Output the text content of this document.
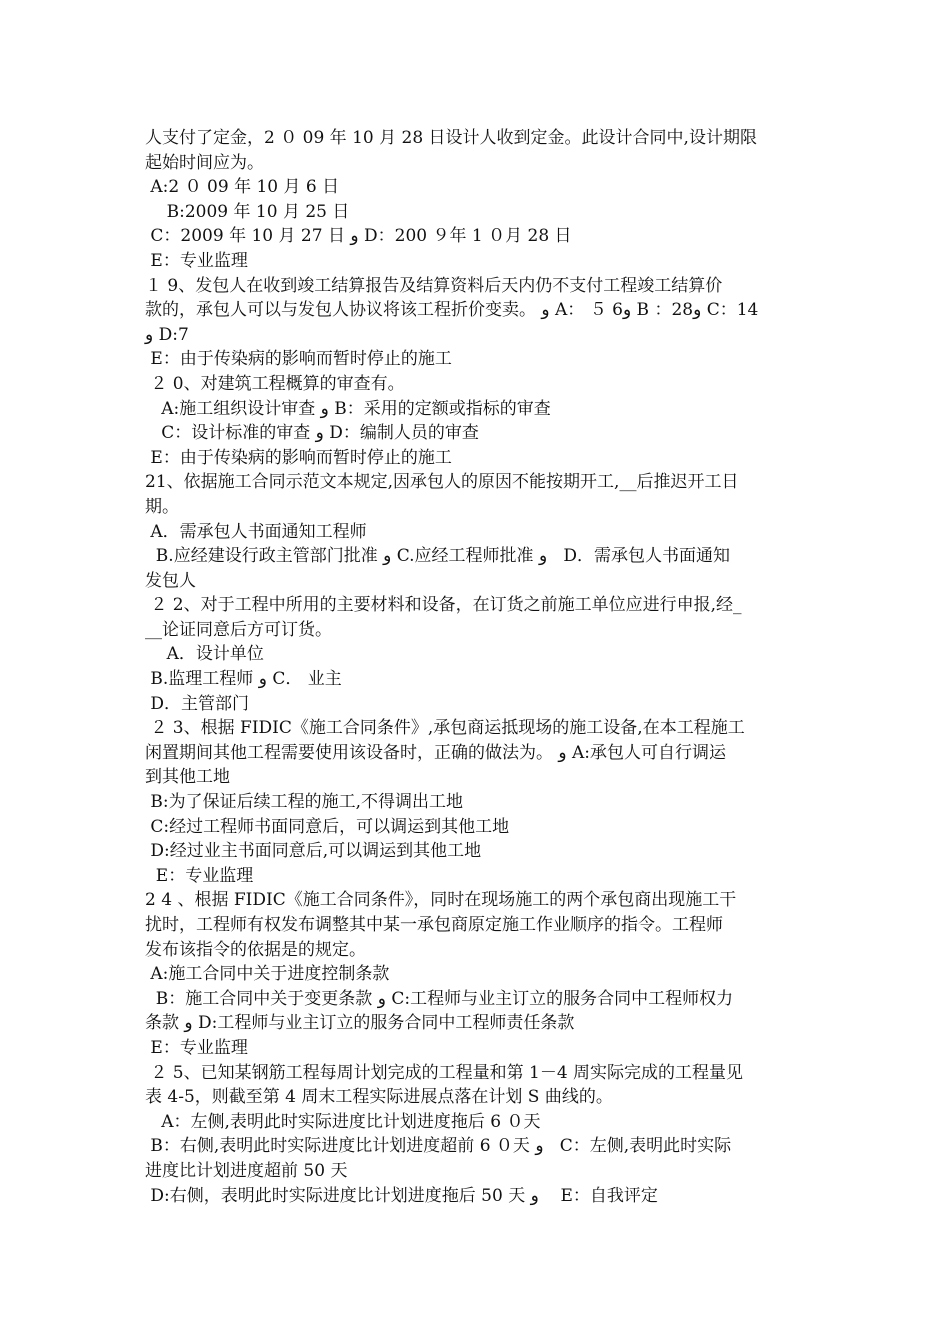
人支付了定金，2 ０ 09 年 10 月 28 日设计人收到定金。此设计合同中,设计期限
起始时间应为。
A:2 ０ 09 年 10 月 6 日
B:2009 年 10 月 25 日
C：2009 年 10 月 27 日 و D：200 ９年 1 ０月 28 日
E：专业监理
１ 9、发包人在收到竣工结算报告及结算资料后天内仍不支付工程竣工结算价
款的，承包人可以与发包人协议将该工程折价变卖。 و A： ５ 6و B ：28و C：14
و D:7
E：由于传染病的影响而暂时停止的施工
２ 0、对建筑工程概算的审查有。
A:施工组织设计审查 و B：采用的定额或指标的审查
C：设计标准的审查 و D：编制人员的审查
E：由于传染病的影响而暂时停止的施工
21、依据施工合同示范文本规定,因承包人的原因不能按期开工,__后推迟开工日
期。
A．需承包人书面通知工程师
B.应经建设行政主管部门批准 و C.应经工程师批准 و   D．需承包人书面通知
发包人
２ 2、对于工程中所用的主要材料和设备，在订货之前施工单位应进行申报,经_
__论证同意后方可订货。
A．设计单位
B.监理工程师 و C． 业主
D．主管部门
２ 3、根据 FIDIC《施工合同条件》,承包商运抵现场的施工设备,在本工程施工
闲置期间其他工程需要使用该设备时，正确的做法为。 و A:承包人可自行调运
到其他工地
B:为了保证后续工程的施工,不得调出工地
C:经过工程师书面同意后，可以调运到其他工地
D:经过业主书面同意后,可以调运到其他工地
E：专业监理
2 4 、根据 FIDIC《施工合同条件》，同时在现场施工的两个承包商出现施工干
扰时，工程师有权发布调整其中某一承包商原定施工作业顺序的指令。工程师
发布该指令的依据是的规定。
A:施工合同中关于进度控制条款
B：施工合同中关于变更条款 و C:工程师与业主订立的服务合同中工程师权力
条款 و D:工程师与业主订立的服务合同中工程师责任条款
E：专业监理
２ 5、已知某钢筋工程每周计划完成的工程量和第 1－4 周实际完成的工程量见
表 4-5，则截至第 4 周末工程实际进展点落在计划 S 曲线的。
A：左侧,表明此时实际进度比计划进度拖后 6 ０天
B：右侧,表明此时实际进度比计划进度超前 6 ０天 و   C：左侧,表明此时实际
进度比计划进度超前 50 天
D:右侧，表明此时实际进度比计划进度拖后 50 天 و    E：自我评定
